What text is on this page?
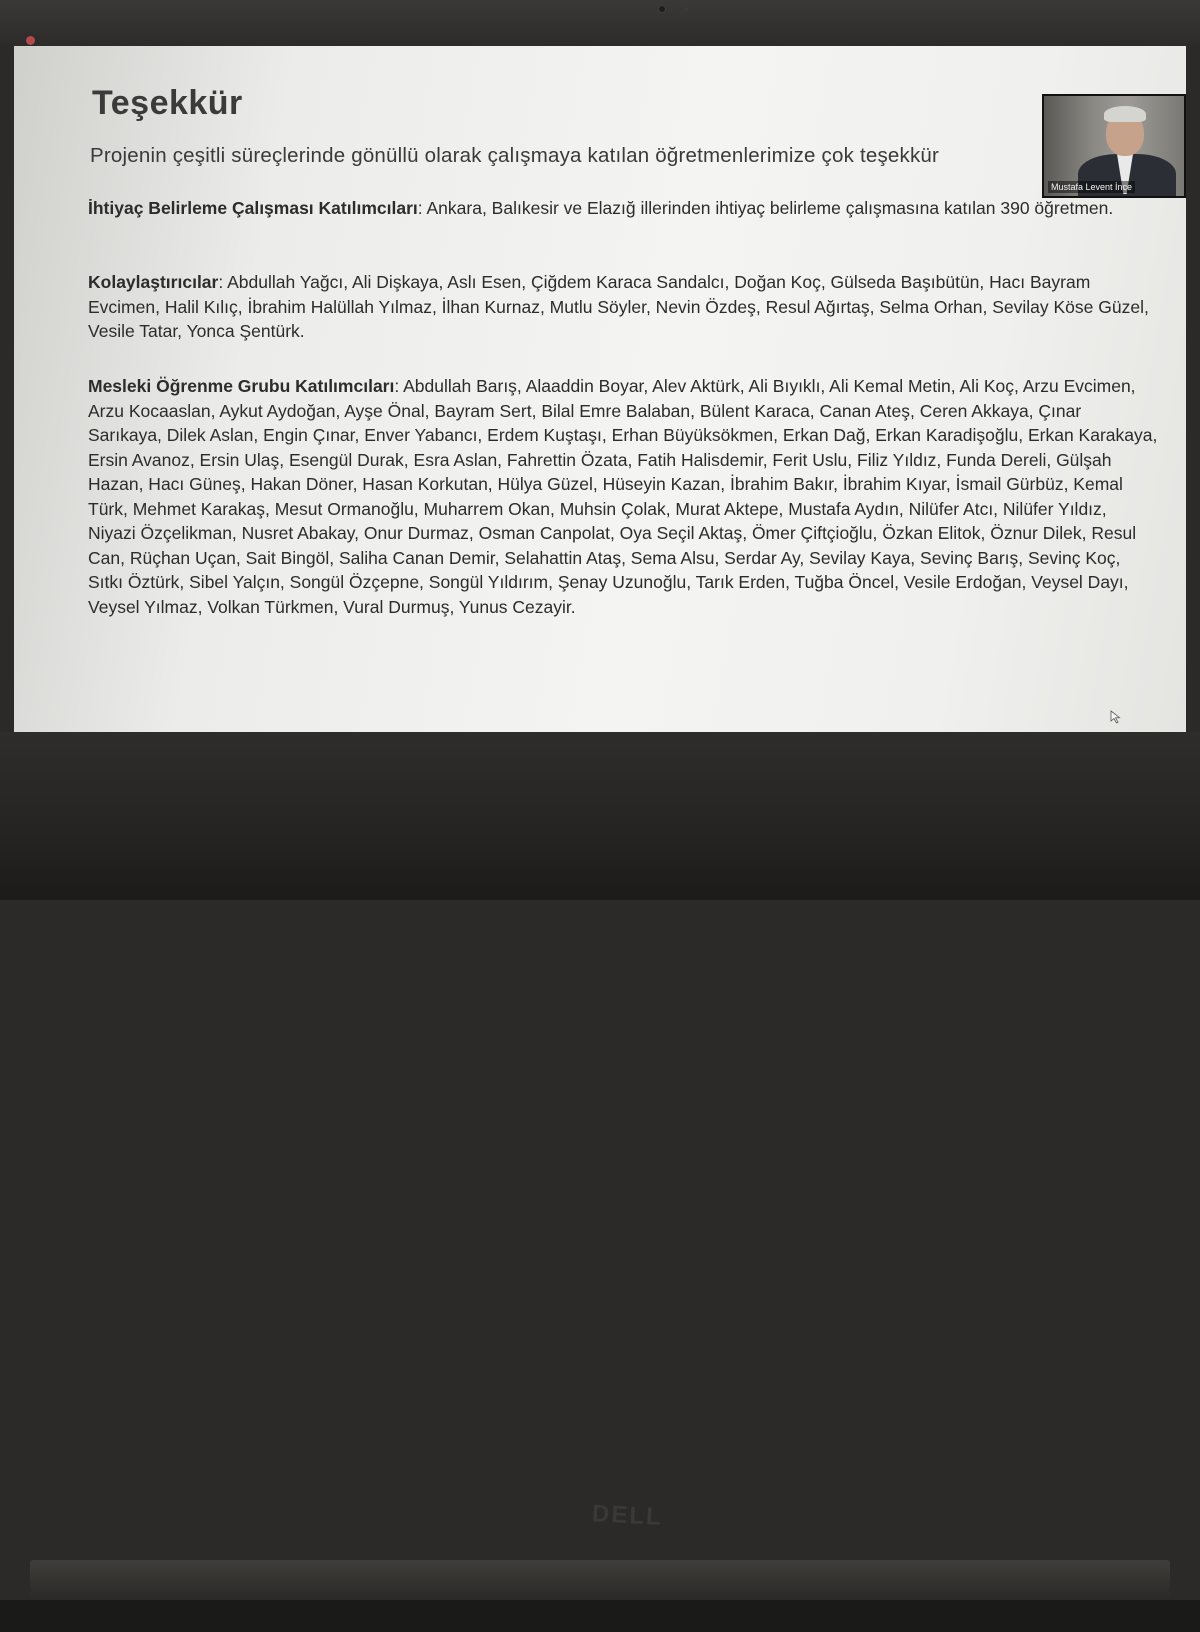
Teşekkür
Projenin çeşitli süreçlerinde gönüllü olarak çalışmaya katılan öğretmenlerimize çok teşekkür
İhtiyaç Belirleme Çalışması Katılımcıları: Ankara, Balıkesir ve Elazığ illerinden ihtiyaç belirleme çalışmasına katılan 390 öğretmen.
Kolaylaştırıcılar: Abdullah Yağcı, Ali Dişkaya, Aslı Esen, Çiğdem Karaca Sandalcı, Doğan Koç, Gülseda Başıbütün, Hacı Bayram Evcimen, Halil Kılıç, İbrahim Halüllah Yılmaz, İlhan Kurnaz, Mutlu Söyler, Nevin Özdeş, Resul Ağırtaş, Selma Orhan, Sevilay Köse Güzel, Vesile Tatar, Yonca Şentürk.
Mesleki Öğrenme Grubu Katılımcıları: Abdullah Barış, Alaaddin Boyar, Alev Aktürk, Ali Bıyıklı, Ali Kemal Metin, Ali Koç, Arzu Evcimen, Arzu Kocaaslan, Aykut Aydoğan, Ayşe Önal, Bayram Sert, Bilal Emre Balaban, Bülent Karaca, Canan Ateş, Ceren Akkaya, Çınar Sarıkaya, Dilek Aslan, Engin Çınar, Enver Yabancı, Erdem Kuştaşı, Erhan Büyüksökmen, Erkan Dağ, Erkan Karadişoğlu, Erkan Karakaya, Ersin Avanoz, Ersin Ulaş, Esengül Durak, Esra Aslan, Fahrettin Özata, Fatih Halisdemir, Ferit Uslu, Filiz Yıldız, Funda Dereli, Gülşah Hazan, Hacı Güneş, Hakan Döner, Hasan Korkutan, Hülya Güzel, Hüseyin Kazan, İbrahim Bakır, İbrahim Kıyar, İsmail Gürbüz, Kemal Türk, Mehmet Karakaş, Mesut Ormanoğlu, Muharrem Okan, Muhsin Çolak, Murat Aktepe, Mustafa Aydın, Nilüfer Atcı, Nilüfer Yıldız, Niyazi Özçelikman, Nusret Abakay, Onur Durmaz, Osman Canpolat, Oya Seçil Aktaş, Ömer Çiftçioğlu, Özkan Elitok, Öznur Dilek, Resul Can, Rüçhan Uçan, Sait Bingöl, Saliha Canan Demir, Selahattin Ataş, Sema Alsu, Serdar Ay, Sevilay Kaya, Sevinç Barış, Sevinç Koç, Sıtkı Öztürk, Sibel Yalçın, Songül Özçepne, Songül Yıldırım, Şenay Uzunoğlu, Tarık Erden, Tuğba Öncel, Vesile Erdoğan, Veysel Dayı, Veysel Yılmaz, Volkan Türkmen, Vural Durmuş, Yunus Cezayir.
Mustafa Levent İnce
DELL
